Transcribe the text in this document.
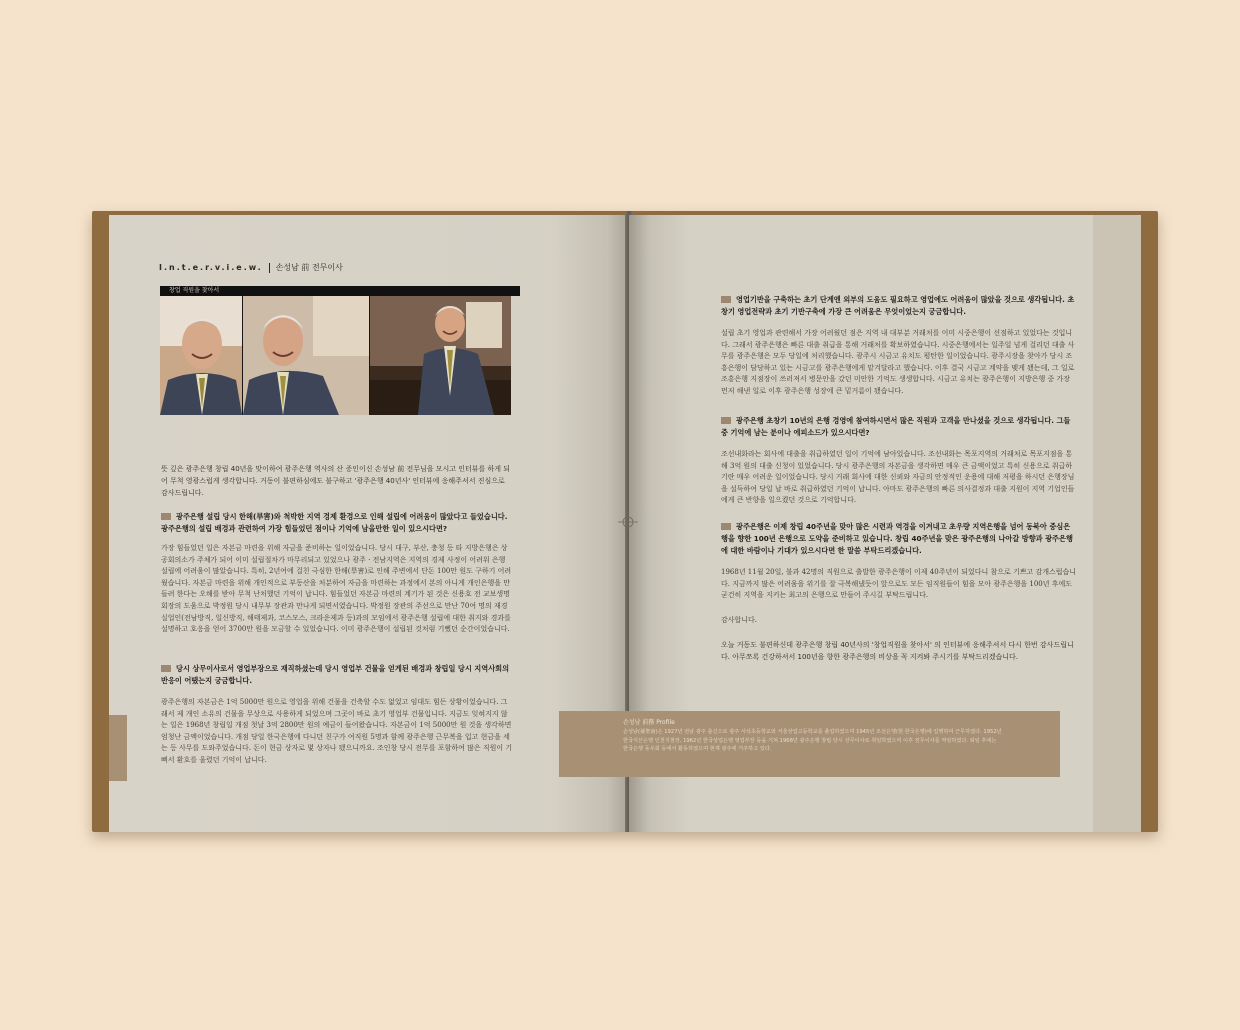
I.n.t.e.r.v.i.e.w. 손성남 前 전무이사
창업 직원을 찾아서
뜻 깊은 광주은행 창립 40년을 맞이하여 광주은행 역사의 산 증인이신 손성남 前 전무님을 모시고 인터뷰를 하게 되어 무척 영광스럽게 생각합니다. 거동이 불편하심에도 불구하고 '광주은행 40년사' 인터뷰에 응해주셔서 진심으로 감사드립니다.
광주은행 설립 당시 한해(旱害)와 척박한 지역 경제 환경으로 인해 설립에 어려움이 많았다고 들었습니다. 광주은행의 설립 배경과 관련하여 가장 힘들었던 점이나 기억에 남을만한 일이 있으시다면?
가장 힘들었던 일은 자본금 마련을 위해 자금을 준비하는 일이었습니다. 당시 대구, 부산, 충청 등 타 지방은행은 상공회의소가 주체가 되어 이미 설립절차가 마무리되고 있었으나 광주 · 전남지역은 지역의 경제 사정이 어려워 은행 설립에 어려움이 많았습니다. 특히, 2년여에 걸친 극심한 한해(旱害)로 인해 주변에서 단돈 100만 원도 구하기 어려웠습니다. 자본금 마련을 위해 개인적으로 부동산을 처분하여 자금을 마련하는 과정에서 본의 아니게 개인은행을 만들려 한다는 오해를 받아 무척 난처했던 기억이 납니다. 힘들었던 자본금 마련의 계기가 된 것은 신용호 전 교보생명 회장의 도움으로 박정원 당시 내무부 장관과 만나게 되면서였습니다. 박정원 장관의 주선으로 만난 70여 명의 재경실업인(전남방직, 일신방직, 해태제과, 코스모스, 크라운제과 등)과의 모임에서 광주은행 설립에 대한 취지와 경과를 설명하고 호응을 얻어 3700만 원을 모금할 수 있었습니다. 이미 광주은행이 설립된 것처럼 기뻤던 순간이었습니다.
당시 상무이사로서 영업부장으로 재직하셨는데 당시 영업부 건물을 얻게된 배경과 창립일 당시 지역사회의 반응이 어땠는지 궁금합니다.
광주은행의 자본금은 1억 5000만 원으로 영업을 위해 건물을 건축할 수도 없었고 임대도 힘든 상황이었습니다. 그래서 제 개인 소유의 건물을 무상으로 사용하게 되었으며 그곳이 바로 초기 영업부 건물입니다. 지금도 잊혀지지 않는 일은 1968년 창립일 개점 첫날 3억 2800만 원의 예금이 들어왔습니다. 자본금이 1억 5000만 원 것을 생각하면 엄청난 금액이었습니다. 개점 당일 한국은행에 다니던 친구가 여직원 5명과 함께 광주은행 근무복을 입고 현금을 세는 등 사무를 도와주었습니다. 돈이 현금 상자로 몇 상자나 됐으니까요. 조인창 당시 전무를 포함하여 많은 직원이 기뻐서 환호를 울렸던 기억이 납니다.
영업기반을 구축하는 초기 단계엔 외부의 도움도 필요하고 영업에도 어려움이 많았을 것으로 생각됩니다. 초창기 영업전략과 초기 기반구축에 가장 큰 어려움은 무엇이었는지 궁금합니다.
설립 초기 영업과 관련해서 가장 어려웠던 점은 지역 내 대부분 거래처를 이미 시중은행이 선점하고 있었다는 것입니다. 그래서 광주은행은 빠른 대출 취급을 통해 거래처를 확보하였습니다. 시중은행에서는 일주일 넘게 걸리던 대출 사무를 광주은행은 모두 당일에 처리했습니다. 광주시 시금고 유치도 평탄한 일이었습니다. 광주시장을 찾아가 당시 조흥은행이 담당하고 있는 시금고를 광주은행에게 맡겨달라고 했습니다. 이후 결국 시금고 계약을 맺게 됐는데, 그 일로 조흥은행 지점장이 쓰러져서 병문안을 갔던 미안한 기억도 생생합니다. 시금고 유치는 광주은행이 지방은행 중 가장 먼저 해낸 일로 이후 광주은행 성장에 큰 밑거름이 됐습니다.
광주은행 초창기 10년의 은행 경영에 참여하시면서 많은 직원과 고객을 만나셨을 것으로 생각됩니다. 그들 중 기억에 남는 분이나 에피소드가 있으시다면?
조선내화라는 회사에 대출을 취급하였던 일이 기억에 남아있습니다. 조선내화는 목포지역의 거래처로 목포지점을 통해 3억 원의 대출 신청이 있었습니다. 당시 광주은행의 자본금을 생각하면 매우 큰 금액이었고 특히 신용으로 취급하기란 매우 어려운 일이었습니다. 당시 거래 회사에 대한 신뢰와 자금의 안정적인 운용에 대해 저평을 하시던 은행장님을 설득하여 당일 날 바로 취급하였던 기억이 납니다. 아마도 광주은행의 빠른 의사결정과 대출 지원이 지역 기업인들에게 큰 반향을 일으켰던 것으로 기억합니다.
광주은행은 이제 창립 40주년을 맞아 많은 시련과 역경을 이겨내고 초우량 지역은행을 넘어 동북아 중심은행을 향한 100년 은행으로 도약을 준비하고 있습니다. 창립 40주년을 맞은 광주은행의 나아갈 방향과 광주은행에 대한 바람이나 기대가 있으시다면 한 말씀 부탁드리겠습니다.
1968년 11월 20일, 불과 42명의 직원으로 출발한 광주은행이 이제 40주년이 되었다니 참으로 기쁘고 감개스럽습니다. 지금까지 많은 어려움을 위기를 잘 극복해냈듯이 앞으로도 모든 임직원들이 힘을 모아 광주은행을 100년 후에도 굳건히 지역을 지키는 최고의 은행으로 만들어 주시길 부탁드립니다.
감사합니다.
오늘 거동도 불편하신데 광주은행 창립 40년사의 '창업직원을 찾아서' 의 인터뷰에 응해주셔서 다시 한번 감사드립니다. 아무쪼록 건강하셔서 100년을 향한 광주은행의 비상을 꼭 지켜봐 주시기를 부탁드리겠습니다.
손성남 前務 Profile
손성남(孫聖南)은 1927년 전남 광주 출신으로 광주 서석초등학교와 서울상업고등학교를 졸업하였으며 1945년 조선은행(현 한국은행)에 입행하여 근무하였다. 1952년 한국식산은행 인천지점장, 1962년 한국상업은행 영업부장 등을 거쳐 1968년 광주은행 창립 당시 상무이사로 취임하였으며 이후 전무이사를 역임하였다. 퇴임 후에는 한국은행 동우회 등에서 활동하였으며 현재 광주에 거주하고 있다.
